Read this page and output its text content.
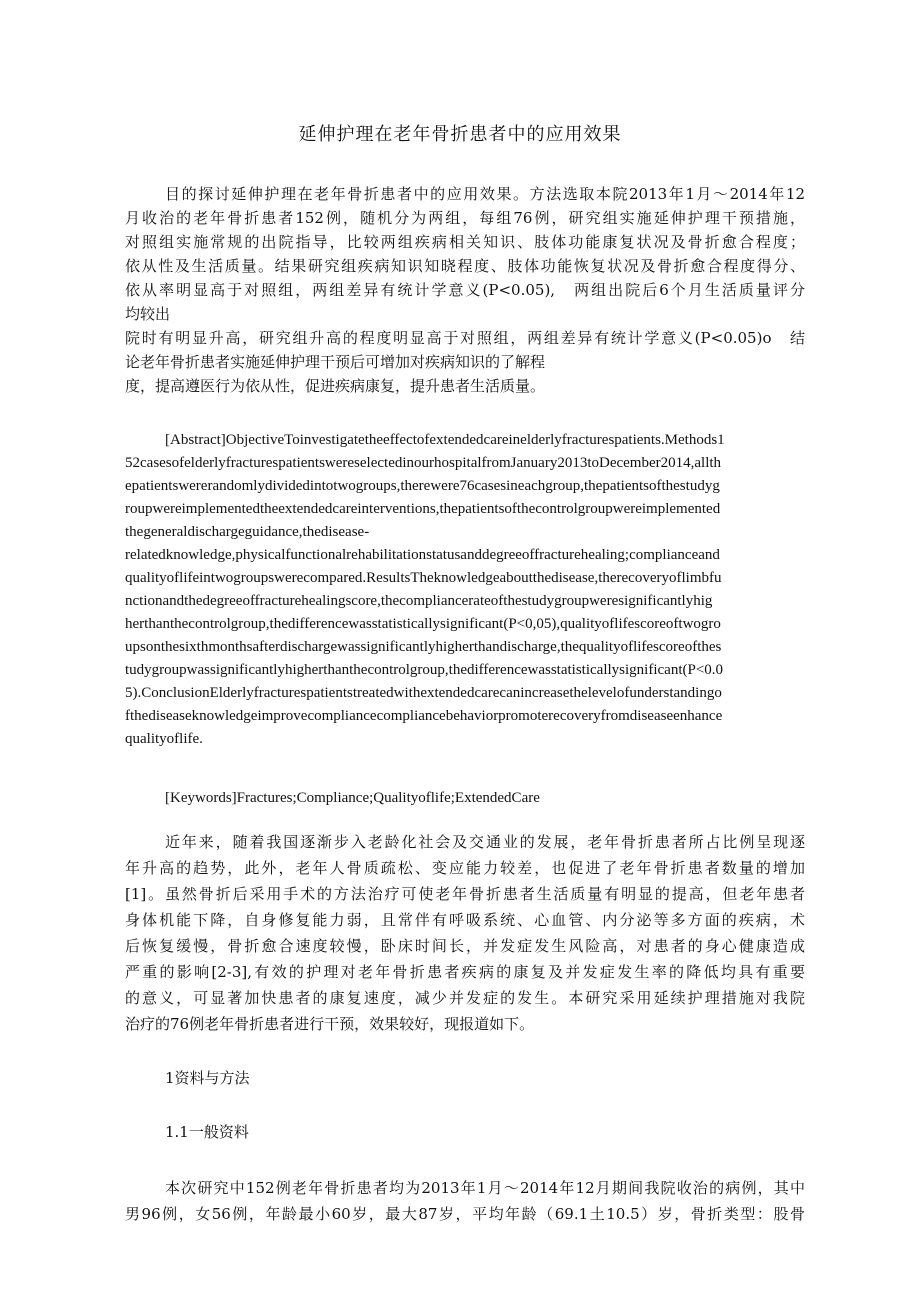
延伸护理在老年骨折患者中的应用效果
目的探讨延伸护理在老年骨折患者中的应用效果。方法选取本院2013年1月～2014年12
月收治的老年骨折患者152例，随机分为两组，每组76例，研究组实施延伸护理干预措施，
对照组实施常规的出院指导，比较两组疾病相关知识、肢体功能康复状况及骨折愈合程度；
依从性及生活质量。结果研究组疾病知识知晓程度、肢体功能恢复状况及骨折愈合程度得分、
依从率明显高于对照组，两组差异有统计学意义(P<0.05),　两组出院后6个月生活质量评分
均较出
院时有明显升高，研究组升高的程度明显高于对照组，两组差异有统计学意义(P<0.05)o　结
论老年骨折患者实施延伸护理干预后可增加对疾病知识的了解程
度，提高遵医行为依从性，促进疾病康复，提升患者生活质量。
[Abstract]ObjectiveToinvestigatetheeffectofextendedcareinelderlyfracturespatients.Methods1
52casesofelderlyfracturespatientswereselectedinourhospitalfromJanuary2013toDecember2014,allth
epatientswererandomlydividedintotwogroups,therewere76casesineachgroup,thepatientsofthestudyg
roupwereimplementedtheextendedcareinterventions,thepatientsofthecontrolgroupwereimplemented
thegeneraldischargeguidance,thedisease-
relatedknowledge,physicalfunctionalrehabilitationstatusanddegreeoffracturehealing;complianceand
qualityoflifeintwogroupswerecompared.ResultsTheknowledgeaboutthedisease,therecoveryoflimbfu
nctionandthedegreeoffracturehealingscore,thecompliancerateofthestudygroupweresignificantlyhig
herthanthecontrolgroup,thedifferencewasstatisticallysignificant(P<0,05),qualityoflifescoreoftwogro
upsonthesixthmonthsafterdischargewassignificantlyhigherthandischarge,thequalityoflifescoreofthes
tudygroupwassignificantlyhigherthanthecontrolgroup,thedifferencewasstatisticallysignificant(P<0.0
5).ConclusionElderlyfracturespatientstreatedwithextendedcarecanincreasethelevelofunderstandingo
fthediseaseknowledgeimprovecompliancecompliancebehaviorpromoterecoveryfromdiseaseenhance
qualityoflife.
[Keywords]Fractures;Compliance;Qualityoflife;ExtendedCare
近年来，随着我国逐渐步入老龄化社会及交通业的发展，老年骨折患者所占比例呈现逐
年升高的趋势，此外，老年人骨质疏松、变应能力较差，也促进了老年骨折患者数量的增加
[1]。虽然骨折后采用手术的方法治疗可使老年骨折患者生活质量有明显的提高，但老年患者
身体机能下降，自身修复能力弱，且常伴有呼吸系统、心血管、内分泌等多方面的疾病，术
后恢复缓慢，骨折愈合速度较慢，卧床时间长，并发症发生风险高，对患者的身心健康造成
严重的影响[2-3],有效的护理对老年骨折患者疾病的康复及并发症发生率的降低均具有重要
的意义，可显著加快患者的康复速度，减少并发症的发生。本研究采用延续护理措施对我院
治疗的76例老年骨折患者进行干预，效果较好，现报道如下。
1资料与方法
1.1一般资料
本次研究中152例老年骨折患者均为2013年1月～2014年12月期间我院收治的病例，其中
男96例，女56例，年龄最小60岁，最大87岁，平均年龄（69.1土10.5）岁，骨折类型：股骨
